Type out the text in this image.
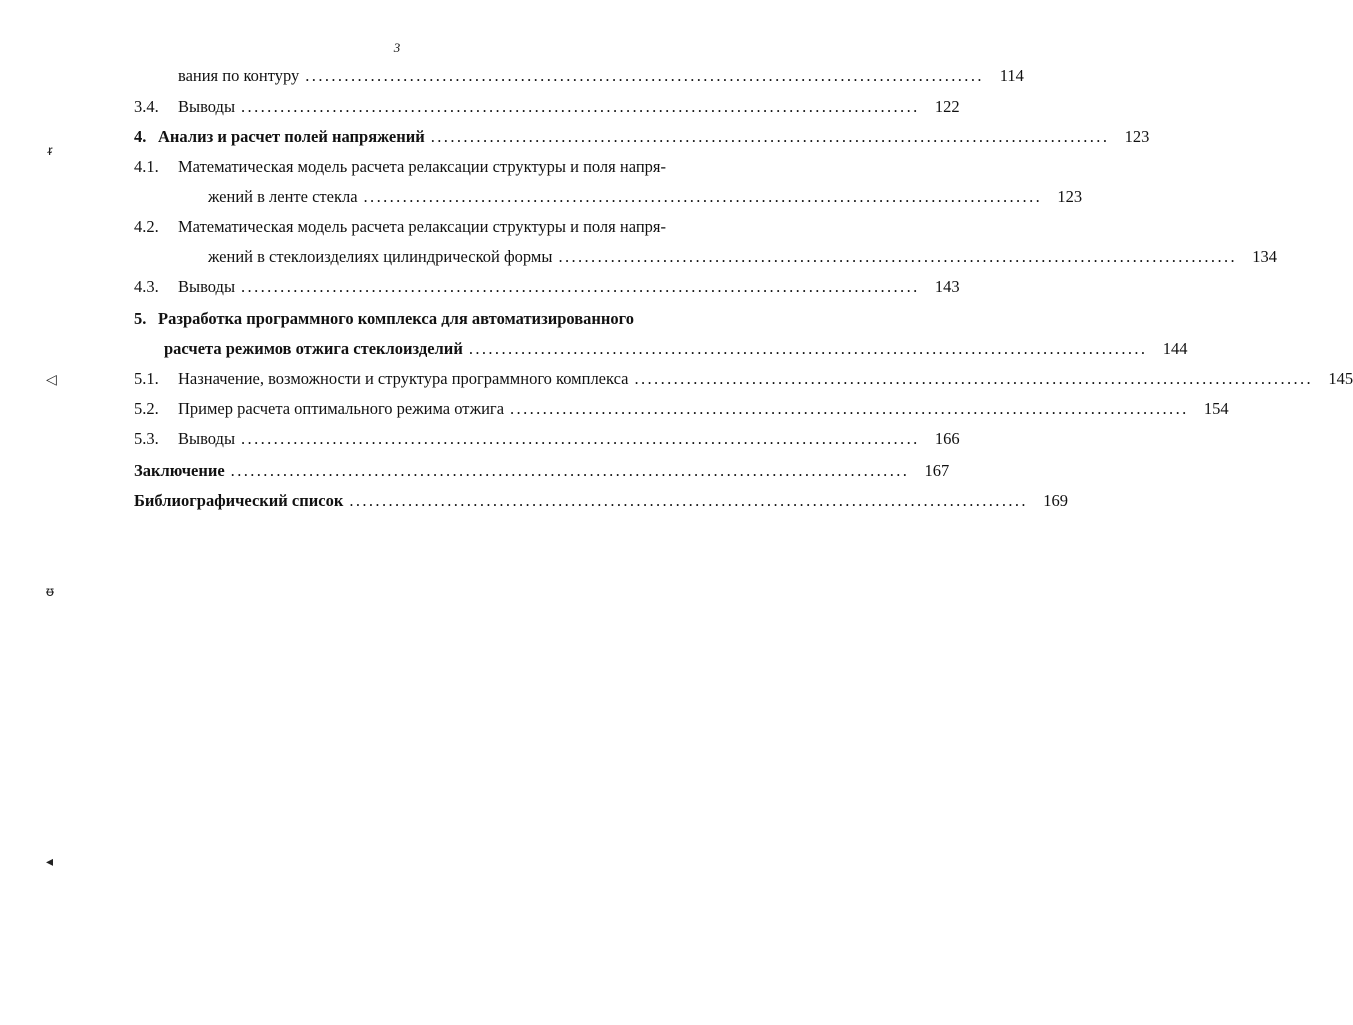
3
вания по контуру ........................................................................................................ 114
3.4.	Выводы ........................................................................................................ 122
4. Анализ и расчет полей напряжений ........................................................................................................ 123
4.1.	Математическая модель расчета релаксации структуры и поля напря-
жений в ленте стекла ........................................................................................................ 123
4.2.	Математическая модель расчета релаксации структуры и поля напря-
жений в стеклоизделиях цилиндрической формы ........................................................................................................ 134
4.3.	Выводы ........................................................................................................ 143
5. Разработка программного комплекса для автоматизированного
расчета режимов отжига стеклоизделий ........................................................................................................ 144
5.1.	Назначение, возможности и структура программного комплекса ........................................................................................................ 145
5.2.	Пример расчета оптимального режима отжига ........................................................................................................ 154
5.3.	Выводы ........................................................................................................ 166
Заключение ........................................................................................................ 167
Библиографический список ........................................................................................................ 169
ᵲ
◁
ᵿ
◂
